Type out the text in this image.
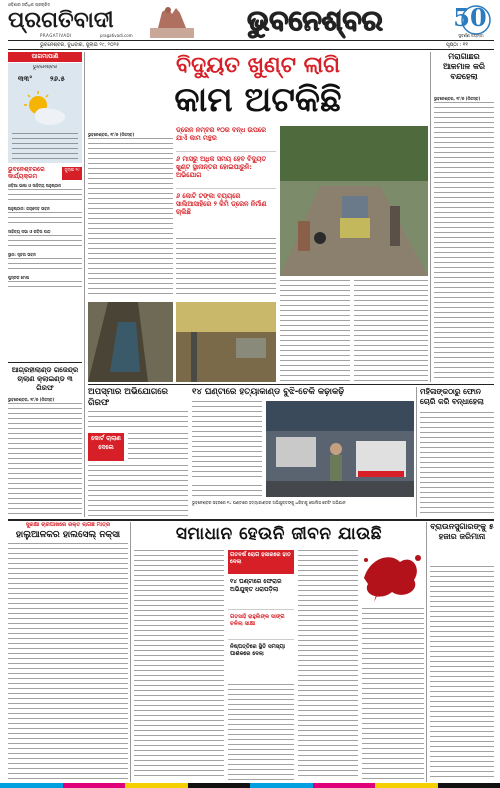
ଓଡ଼ିଶାର ସର୍ବାଧିକ ପ୍ରଚାରିତ
ପ୍ରଗତିବାଦୀ
PRAGATIVADI	pragativadi.com	ଭୁବନେଶ୍ବର	50
ସୁବର୍ଣ୍ଣ ଜୟନ୍ତୀ
ଭୁବନେଶ୍ବର, ବୁଧବାର, ଜୁଲାଇ ୨୯, ୨୦୨୫	ପୃଷ୍ଠା : ୧୧
ପାଗମାପାଣି
ଭୁବନେଶ୍ବର
୩୩°	୨୬.୫
ଭୁବନେଶ୍ବରରେ କାର୍ଯ୍ୟକ୍ରମ
ଜୁଲାଇ ୨୯
ଓଡ଼ିଆ ଭାଷା ଓ ସାହିତ୍ୟ ଅନୁଷ୍ଠାନ
ଅନୁଷ୍ଠାନ: ଜୟଦେବ ଭବନ
ସାହିତ୍ୟ ସଭା ଓ କବିତା ପାଠ
ସ୍ଥାନ: ସୂଚନା ଭବନ
ପୁସ୍ତକ ମେଳା
ଆଗ୍ରହୀଲାଣ୍ଡ ଗଜେନ୍ଦ୍ର ଚାଲାଣ କ୍ଲାଇଣ୍ଡ ୩ ଗିରଫ
ଭୁବନେଶ୍ବର, ୨୮/୭ (ନିଜସ୍ବ)
ବିଦ୍ୟୁତ ଖୁଣ୍ଟ ଲାଗି
କାମ ଅଟକିଛି
ଭୁବନେଶ୍ବର, ୨୮/୭ (ନିଜସ୍ବ)
ଡ୍ରେନ ନମ୍ବର ୧୦ର ବନ୍ଧ ଉପରେ ଯାଏଁ କାମ ମନ୍ଥର
୬ ମାସରୁ ଅଧିକ ସମୟ ହେବ ବିଦ୍ୟୁତ ଖୁଣ୍ଟ ସ୍ଥାନାନ୍ତର ହୋଇପାରୁନି: ଅଭିଯୋଗ
୬ କୋଟି ଟଙ୍କା ବ୍ୟୟରେ ସାଲିଆସାହିରେ ୨ କିମି ଡ୍ରେନ ନିର୍ମାଣ ଚାଲିଛି
ମରାଗାଛର ଆଳମାଳ କରି ବନ୍ଦହେଲା
ଭୁବନେଶ୍ବର, ୨୮/୭ (ନିଜସ୍ବ)
ଅପସ୍ମାର ଅଭିଯୋଗରେ ଗିରଫ
କୋର୍ଟ ଚାଲାଣ ଦେଲେ
୧୪ ଘଣ୍ଟାରେ ହତ୍ୟାକାଣ୍ଡ ବୁଝି-ଚେକି କଢ଼ାକଢ଼ି
ଭୁବନେଶ୍ବର ସହରରେ ୧୪ ଘଣ୍ଟାରେ ହତ୍ୟାକାଣ୍ଡର ଅଭିଯୁକ୍ତଙ୍କୁ ଧରିବାକୁ ପୋଲିସ ଚେକିଂ ଅଭିଯାନ
ମହିଳାଙ୍କଠାରୁ ଫୋନ ଚୋରି କରି ବନ୍ଧାହେଲା
ସୁରକ୍ଷା ଚାରିପାଖରେ ରକ୍ତ ଲାଗିଛି ମାତ୍ର
ହାଲୁଆଳକର ହାଲସେଲ୍ ନକ୍ସା	ସମାଧାନ ହେଉନି ଜୀବନ ଯାଉଛି
ଗତବର୍ଷ ରୋଗ ହଜାରରେ ହାତ ଦେଲା
୧୪ ଘଣ୍ଟାରେ ଫେରାର ଅଭିଯୁକ୍ତ ଧରାପଡ଼ିଲା
ଗତସାହି ରାହୁଲିଙ୍କ ସାଙ୍ଗ ଚଳିଲା ସାକ୍ଷୀ
ନିଷ୍ପତ୍ତିରେ ସ୍ଥିତି ସମସ୍ୟା ପାଶକରେ ଦେଲା
ବ୍ରାଉନସୁଗାରଙ୍କୁ ୫ ହଜାର ଜରିମାନା
